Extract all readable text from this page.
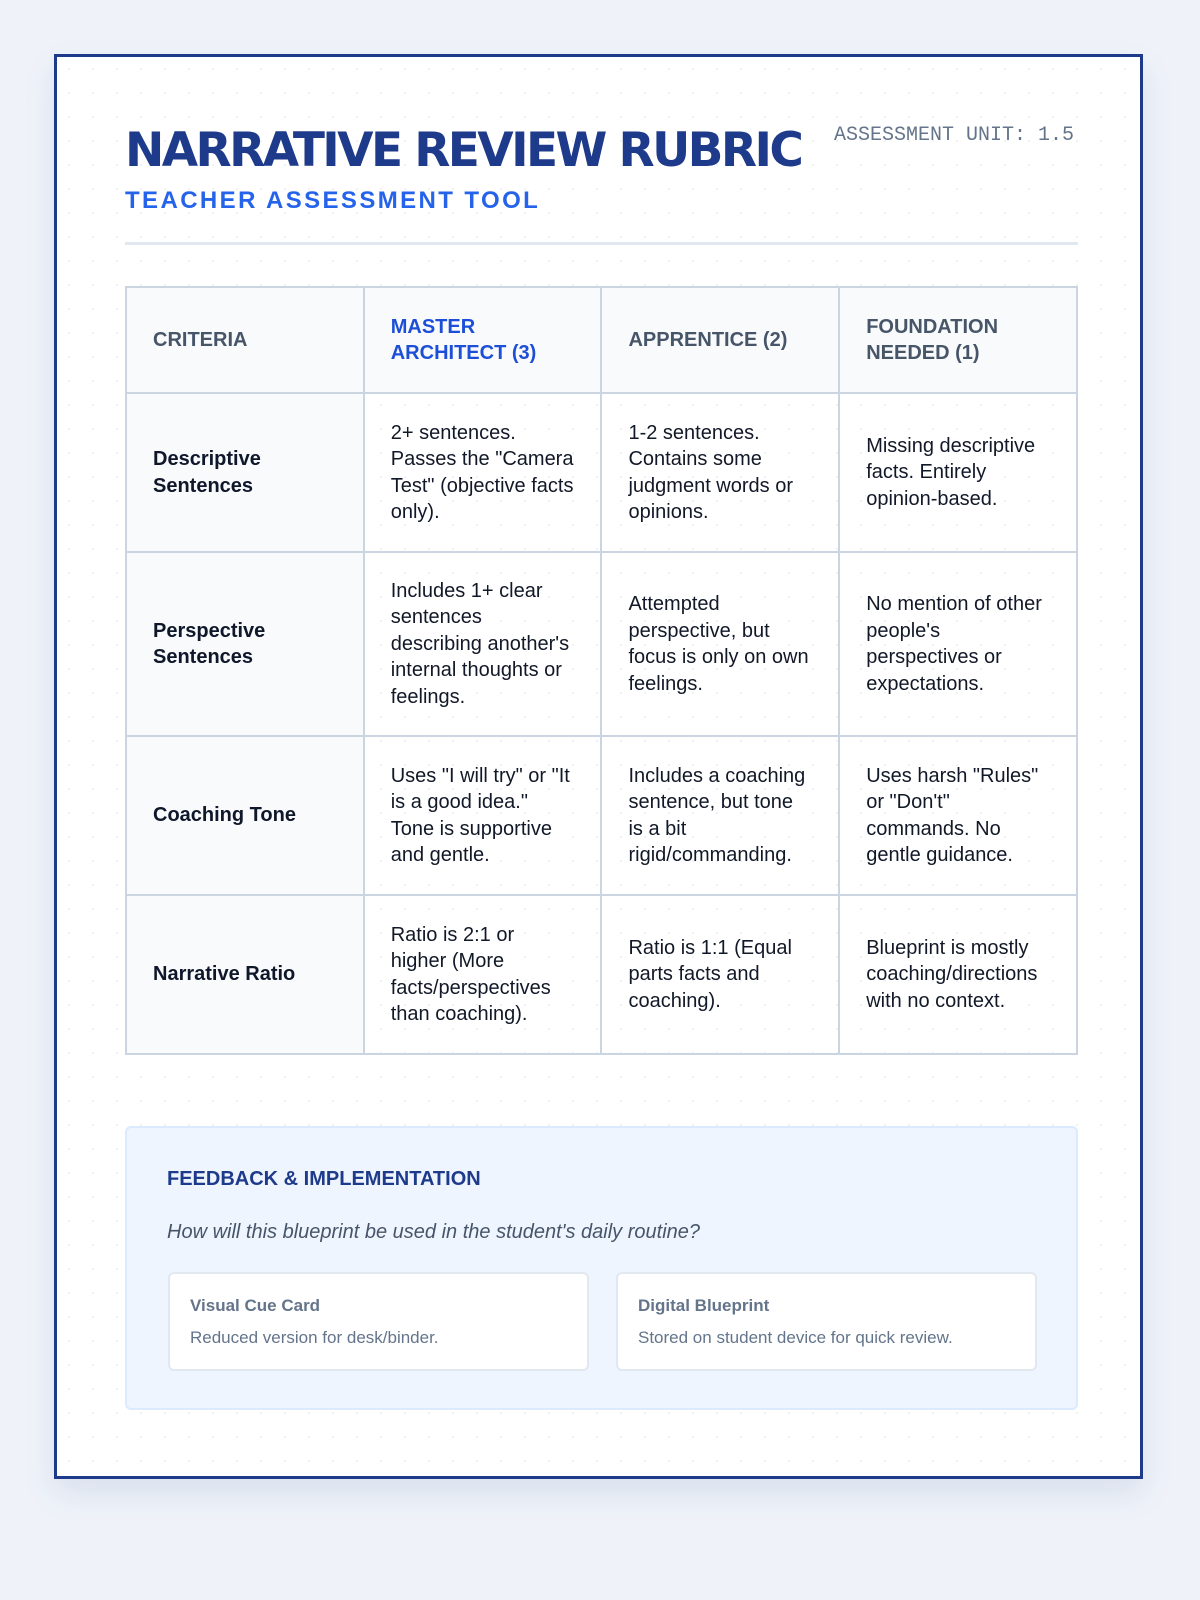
NARRATIVE REVIEW RUBRIC
TEACHER ASSESSMENT TOOL
ASSESSMENT UNIT: 1.5
CRITERIA	MASTER ARCHITECT (3)	APPRENTICE (2)	FOUNDATION NEEDED (1)
Descriptive Sentences	2+ sentences. Passes the "Camera Test" (objective facts only).	1-2 sentences. Contains some judgment words or opinions.	Missing descriptive facts. Entirely opinion-based.
Perspective Sentences	Includes 1+ clear sentences describing another's internal thoughts or feelings.	Attempted perspective, but focus is only on own feelings.	No mention of other people's perspectives or expectations.
Coaching Tone	Uses "I will try" or "It is a good idea." Tone is supportive and gentle.	Includes a coaching sentence, but tone is a bit rigid/commanding.	Uses harsh "Rules" or "Don't" commands. No gentle guidance.
Narrative Ratio	Ratio is 2:1 or higher (More facts/perspectives than coaching).	Ratio is 1:1 (Equal parts facts and coaching).	Blueprint is mostly coaching/directions with no context.
FEEDBACK & IMPLEMENTATION

How will this blueprint be used in the student's daily routine?

Visual Cue Card
Reduced version for desk/binder.
Digital Blueprint
Stored on student device for quick review.
